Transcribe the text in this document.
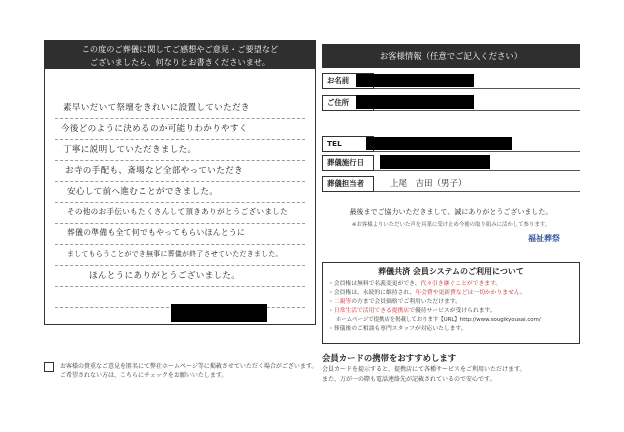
この度のご葬儀に関してご感想やご意見・ご要望など
ございましたら、何なりとお書きくださいませ。
素早いだいて祭壇をきれいに設置していただき
今後どのように決めるのか可能りわかりやすく
丁寧に説明していただきました。
お寺の手配も、斎場など全部やっていただき
安心して前へ進むことができました。
その他のお手伝いもたくさんして頂きありがとうございました
葬儀の準備も全て何でもやってもらいほんとうに
ましてもらうことができ無事に葬儀が終了させていただきました。
ほんとうにありがとうございました。
お客様の貴重なご意見を匿名にて弊社ホームページ等に掲載させていただく場合がございます。ご希望されない方は、こちらにチェックをお願いいたします。
お客様情報（任意でご記入ください）
お名前
ご住所
TEL
葬儀施行日
葬儀担当者	上尾　吉田（男子）
最後までご協力いただきまして、誠にありがとうございました。
※お客様よりいただいた声を具業に受け止め今後の取り組みに活かして参ります。
福祉葬祭
葬儀共済 会員システムのご利用について
・会員権は無料で名義変更ができ、代々引き継ぐことができます。
・会員権は、永続的に維持され、年会費や更新費などは一切かかりません。
・二親等の方まで会員価格でご利用いただけます。
・日常生活で活用できる提携店で優待サービスが受けられます。
ホームページで提携店を掲載しております【URL】http://www.sougikyousai.com/
・葬儀後のご相談も専門スタッフが対応いたします。
会員カードの携帯をおすすめします
会員カードを提示すると、提携店にて各種サービスをご利用いただけます。
また、万が一の際も電話連絡先が記載されているので安心です。
